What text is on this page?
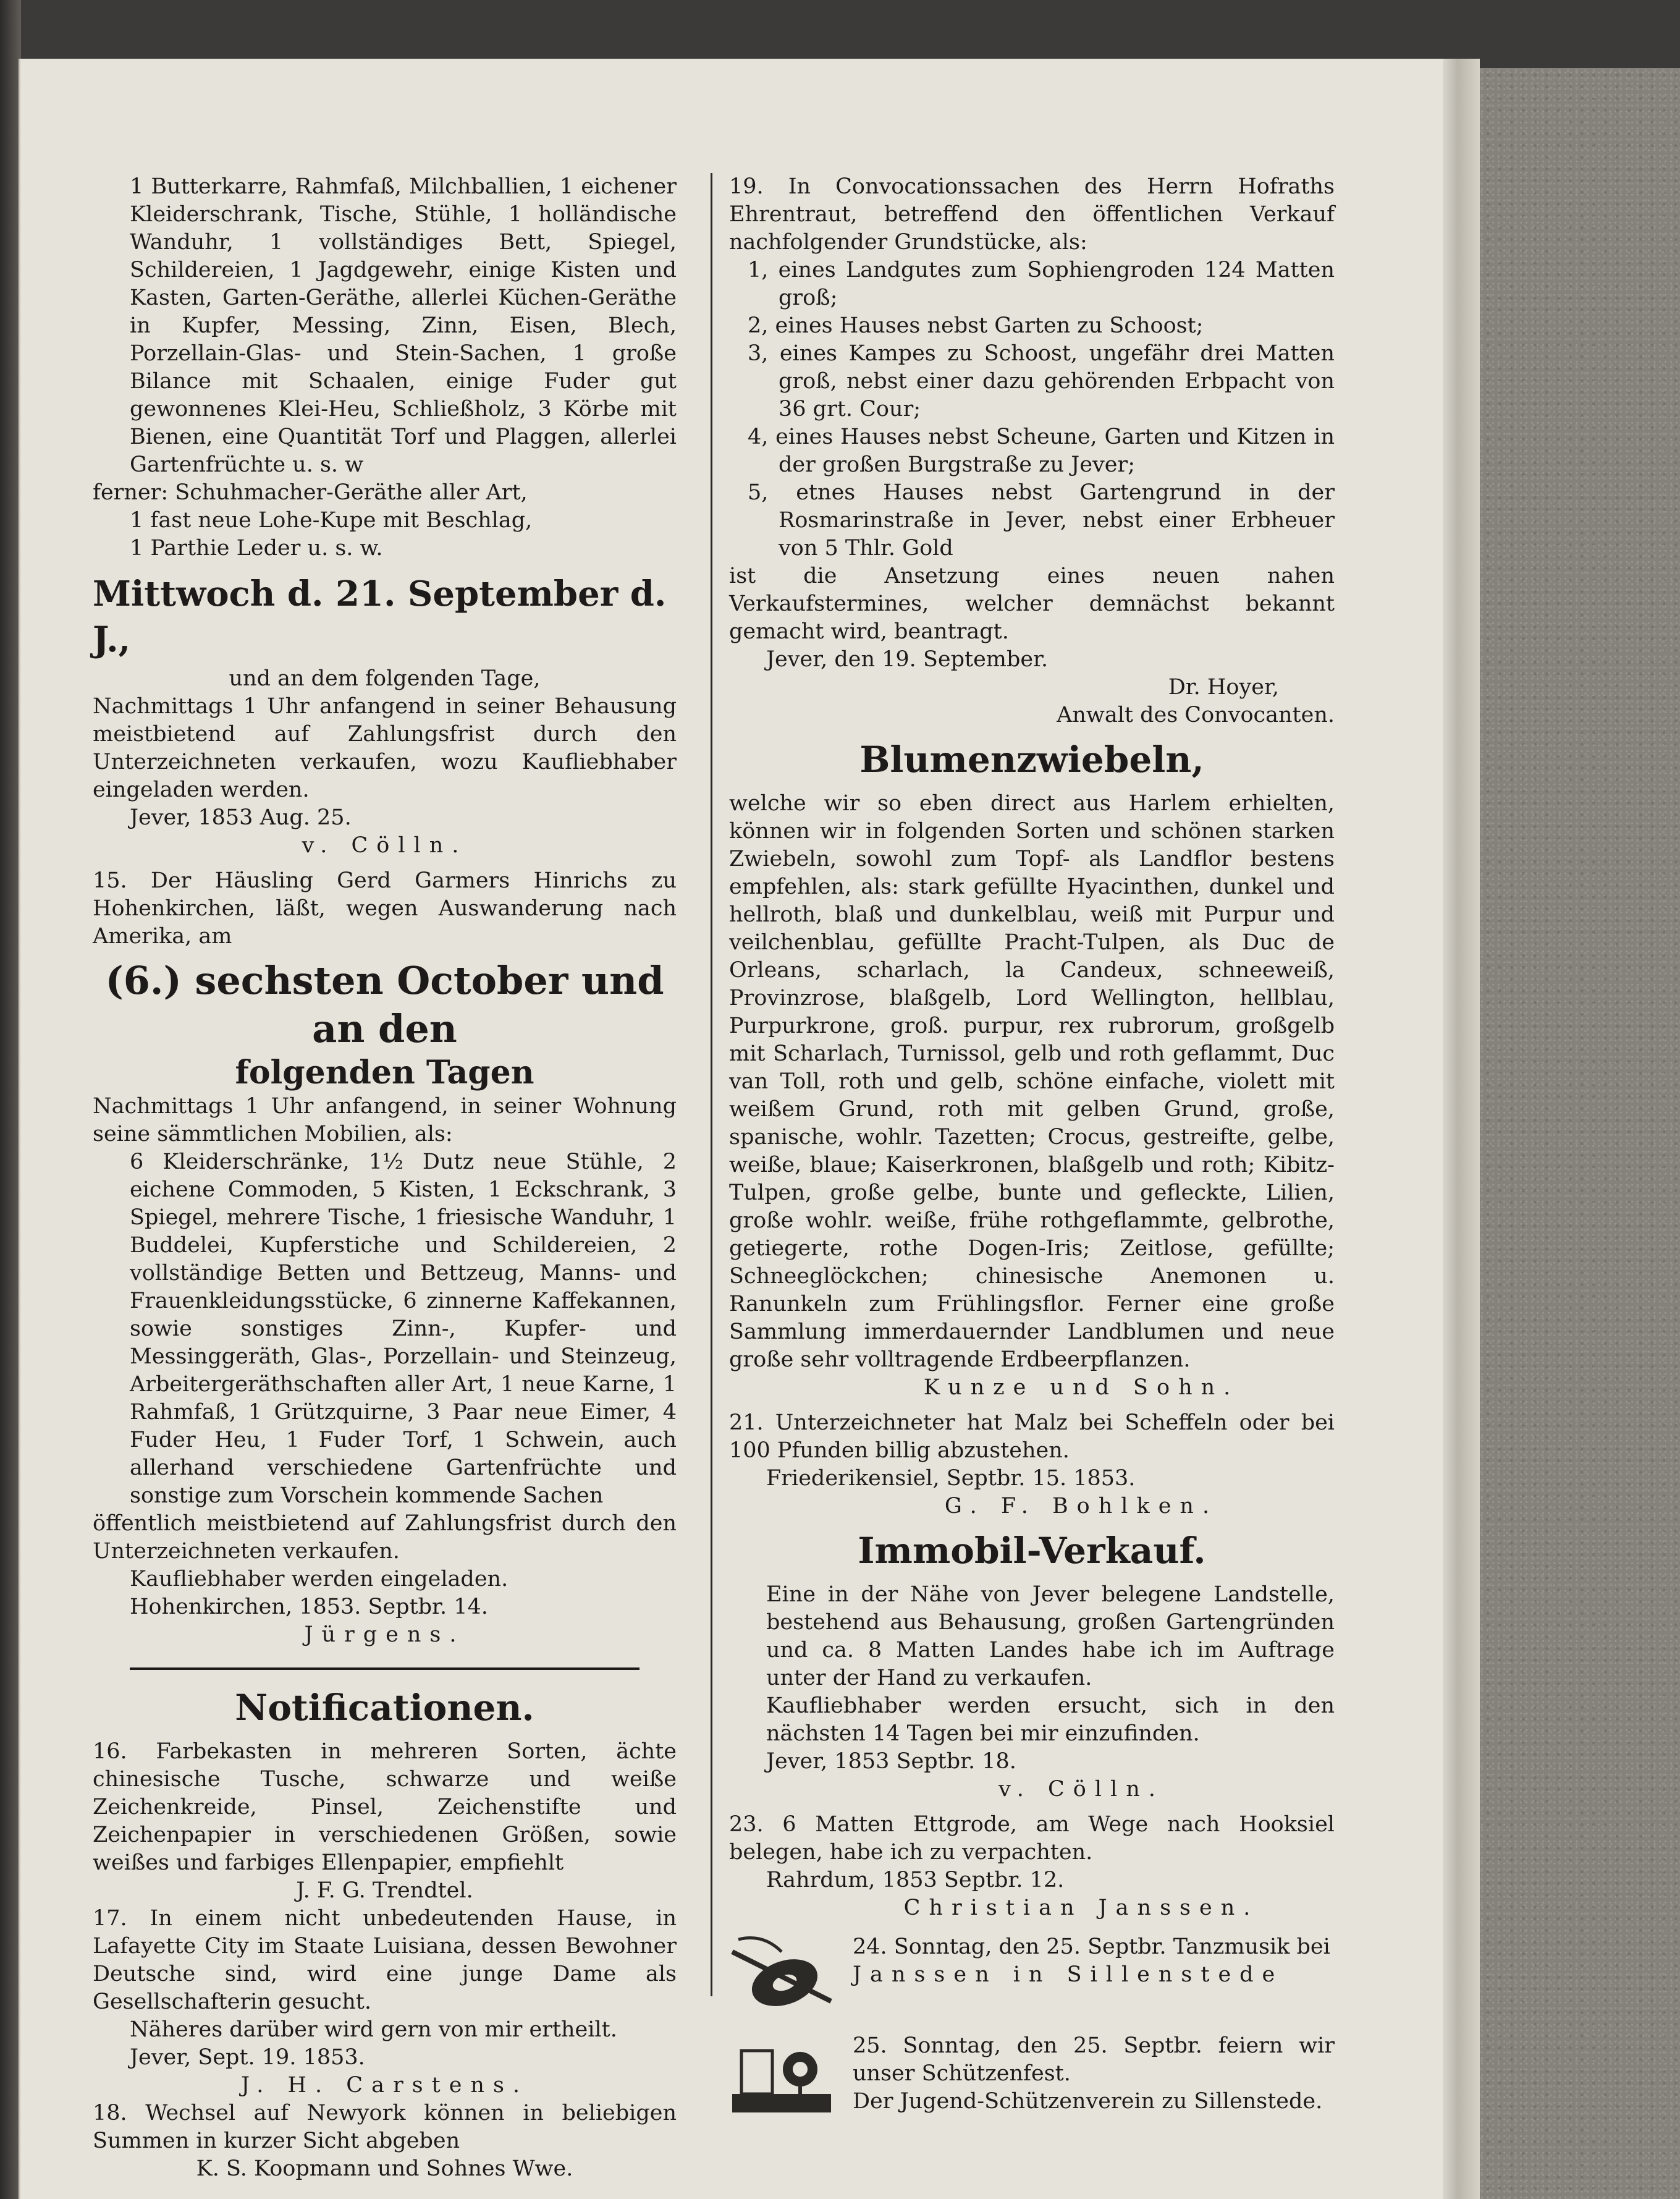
1 Butterkarre, Rahmfaß, Milchballien, 1 eichener Kleiderschrank, Tische, Stühle, 1 holländische Wanduhr, 1 vollständiges Bett, Spiegel, Schildereien, 1 Jagdgewehr, einige Kisten und Kasten, Garten-Geräthe, allerlei Küchen-Geräthe in Kupfer, Messing, Zinn, Eisen, Blech, Porzellain-Glas- und Stein-Sachen, 1 große Bilance mit Schaalen, einige Fuder gut gewonnenes Klei-Heu, Schließholz, 3 Körbe mit Bienen, eine Quantität Torf und Plaggen, allerlei Gartenfrüchte u. s. w

ferner: Schuhmacher-Geräthe aller Art,

1 fast neue Lohe-Kupe mit Beschlag,

1 Parthie Leder u. s. w.

Mittwoch d. 21. September d. J.,

und an dem folgenden Tage,

Nachmittags 1 Uhr anfangend in seiner Behausung meistbietend auf Zahlungsfrist durch den Unterzeichneten verkaufen, wozu Kaufliebhaber eingeladen werden.

Jever, 1853 Aug. 25.

v. Cölln.

15. Der Häusling Gerd Garmers Hinrichs zu Hohenkirchen, läßt, wegen Auswanderung nach Amerika, am

(6.) sechsten October und an den
folgenden Tagen

Nachmittags 1 Uhr anfangend, in seiner Wohnung seine sämmtlichen Mobilien, als:

6 Kleiderschränke, 1½ Dutz neue Stühle, 2 eichene Commoden, 5 Kisten, 1 Eckschrank, 3 Spiegel, mehrere Tische, 1 friesische Wanduhr, 1 Buddelei, Kupferstiche und Schildereien, 2 vollständige Betten und Bettzeug, Manns- und Frauenkleidungsstücke, 6 zinnerne Kaffekannen, sowie sonstiges Zinn-, Kupfer- und Messinggeräth, Glas-, Porzellain- und Steinzeug, Arbeitergeräthschaften aller Art, 1 neue Karne, 1 Rahmfaß, 1 Grützquirne, 3 Paar neue Eimer, 4 Fuder Heu, 1 Fuder Torf, 1 Schwein, auch allerhand verschiedene Gartenfrüchte und sonstige zum Vorschein kommende Sachen

öffentlich meistbietend auf Zahlungsfrist durch den Unterzeichneten verkaufen.

Kaufliebhaber werden eingeladen.

Hohenkirchen, 1853. Septbr. 14.

Jürgens.

Notificationen.

16. Farbekasten in mehreren Sorten, ächte chinesische Tusche, schwarze und weiße Zeichenkreide, Pinsel, Zeichenstifte und Zeichenpapier in verschiedenen Größen, sowie weißes und farbiges Ellenpapier, empfiehlt

J. F. G. Trendtel.

17. In einem nicht unbedeutenden Hause, in Lafayette City im Staate Luisiana, dessen Bewohner Deutsche sind, wird eine junge Dame als Gesellschafterin gesucht.

Näheres darüber wird gern von mir ertheilt.

Jever, Sept. 19. 1853.

J. H. Carstens.

18. Wechsel auf Newyork können in beliebigen Summen in kurzer Sicht abgeben

K. S. Koopmann und Sohnes Wwe.

19. In Convocationssachen des Herrn Hofraths Ehrentraut, betreffend den öffentlichen Verkauf nachfolgender Grundstücke, als:

1, eines Landgutes zum Sophiengroden 124 Matten groß;

2, eines Hauses nebst Garten zu Schoost;

3, eines Kampes zu Schoost, ungefähr drei Matten groß, nebst einer dazu gehörenden Erbpacht von 36 grt. Cour;

4, eines Hauses nebst Scheune, Garten und Kitzen in der großen Burgstraße zu Jever;

5, etnes Hauses nebst Gartengrund in der Rosmarinstraße in Jever, nebst einer Erbheuer von 5 Thlr. Gold

ist die Ansetzung eines neuen nahen Verkaufstermines, welcher demnächst bekannt gemacht wird, beantragt.

Jever, den 19. September.

Dr. Hoyer,

Anwalt des Convocanten.

Blumenzwiebeln,

welche wir so eben direct aus Harlem erhielten, können wir in folgenden Sorten und schönen starken Zwiebeln, sowohl zum Topf- als Landflor bestens empfehlen, als: stark gefüllte Hyacinthen, dunkel und hellroth, blaß und dunkelblau, weiß mit Purpur und veilchenblau, gefüllte Pracht-Tulpen, als Duc de Orleans, scharlach, la Candeux, schneeweiß, Provinzrose, blaßgelb, Lord Wellington, hellblau, Purpurkrone, groß. purpur, rex rubrorum, großgelb mit Scharlach, Turnissol, gelb und roth geflammt, Duc van Toll, roth und gelb, schöne einfache, violett mit weißem Grund, roth mit gelben Grund, große, spanische, wohlr. Tazetten; Crocus, gestreifte, gelbe, weiße, blaue; Kaiserkronen, blaßgelb und roth; Kibitz-Tulpen, große gelbe, bunte und gefleckte, Lilien, große wohlr. weiße, frühe rothgeflammte, gelbrothe, getiegerte, rothe Dogen-Iris; Zeitlose, gefüllte; Schneeglöckchen; chinesische Anemonen u. Ranunkeln zum Frühlingsflor. Ferner eine große Sammlung immerdauernder Landblumen und neue große sehr volltragende Erdbeerpflanzen.

Kunze und Sohn.

21. Unterzeichneter hat Malz bei Scheffeln oder bei 100 Pfunden billig abzustehen.

Friederikensiel, Septbr. 15. 1853.

G. F. Bohlken.

Immobil-Verkauf.

Eine in der Nähe von Jever belegene Landstelle, bestehend aus Behausung, großen Gartengründen und ca. 8 Matten Landes habe ich im Auftrage unter der Hand zu verkaufen.

Kaufliebhaber werden ersucht, sich in den nächsten 14 Tagen bei mir einzufinden.

Jever, 1853 Septbr. 18.

v. Cölln.

23. 6 Matten Ettgrode, am Wege nach Hooksiel belegen, habe ich zu verpachten.

Rahrdum, 1853 Septbr. 12.

Christian Janssen.

24. Sonntag, den 25. Septbr. Tanzmusik bei

Janssen in Sillenstede

25. Sonntag, den 25. Septbr. feiern wir unser Schützenfest.

Der Jugend-Schützenverein zu Sillenstede.
